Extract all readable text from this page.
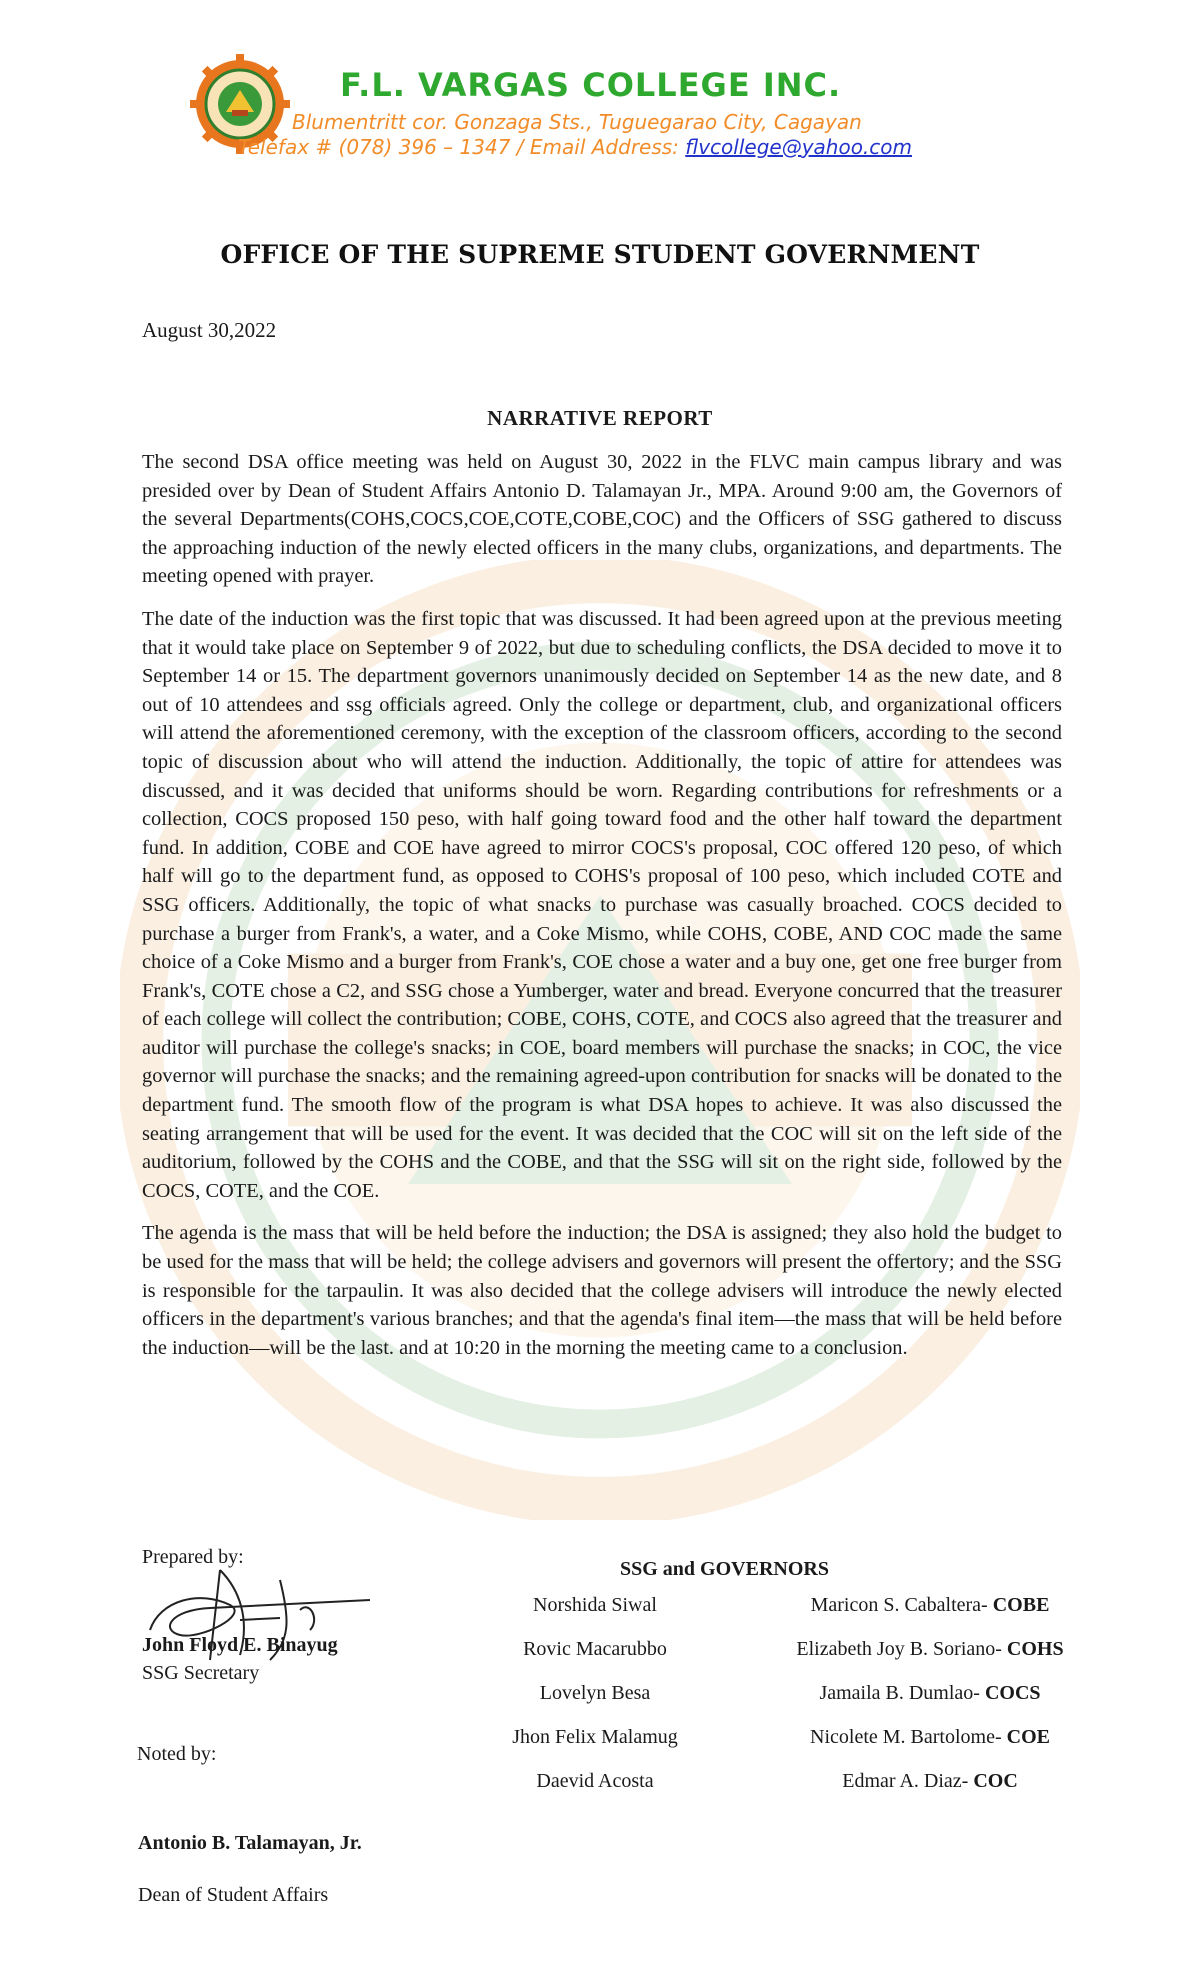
F.L. VARGAS COLLEGE INC.
Blumentritt cor. Gonzaga Sts., Tuguegarao City, Cagayan
Telefax # (078) 396 – 1347 / Email Address: flvcollege@yahoo.com
OFFICE OF THE SUPREME STUDENT GOVERNMENT
August 30,2022
NARRATIVE REPORT

The second DSA office meeting was held on August 30, 2022 in the FLVC main campus library and was presided over by Dean of Student Affairs Antonio D. Talamayan Jr., MPA. Around 9:00 am, the Governors of the several Departments(COHS,COCS,COE,COTE,COBE,COC) and the Officers of SSG gathered to discuss the approaching induction of the newly elected officers in the many clubs, organizations, and departments. The meeting opened with prayer.

The date of the induction was the first topic that was discussed. It had been agreed upon at the previous meeting that it would take place on September 9 of 2022, but due to scheduling conflicts, the DSA decided to move it to September 14 or 15. The department governors unanimously decided on September 14 as the new date, and 8 out of 10 attendees and ssg officials agreed. Only the college or department, club, and organizational officers will attend the aforementioned ceremony, with the exception of the classroom officers, according to the second topic of discussion about who will attend the induction. Additionally, the topic of attire for attendees was discussed, and it was decided that uniforms should be worn. Regarding contributions for refreshments or a collection, COCS proposed 150 peso, with half going toward food and the other half toward the department fund. In addition, COBE and COE have agreed to mirror COCS's proposal, COC offered 120 peso, of which half will go to the department fund, as opposed to COHS's proposal of 100 peso, which included COTE and SSG officers. Additionally, the topic of what snacks to purchase was casually broached. COCS decided to purchase a burger from Frank's, a water, and a Coke Mismo, while COHS, COBE, AND COC made the same choice of a Coke Mismo and a burger from Frank's, COE chose a water and a buy one, get one free burger from Frank's, COTE chose a C2, and SSG chose a Yumberger, water and bread. Everyone concurred that the treasurer of each college will collect the contribution; COBE, COHS, COTE, and COCS also agreed that the treasurer and auditor will purchase the college's snacks; in COE, board members will purchase the snacks; in COC, the vice governor will purchase the snacks; and the remaining agreed-upon contribution for snacks will be donated to the department fund. The smooth flow of the program is what DSA hopes to achieve. It was also discussed the seating arrangement that will be used for the event. It was decided that the COC will sit on the left side of the auditorium, followed by the COHS and the COBE, and that the SSG will sit on the right side, followed by the COCS, COTE, and the COE.

The agenda is the mass that will be held before the induction; the DSA is assigned; they also hold the budget to be used for the mass that will be held; the college advisers and governors will present the offertory; and the SSG is responsible for the tarpaulin. It was also decided that the college advisers will introduce the newly elected officers in the department's various branches; and that the agenda's final item—the mass that will be held before the induction—will be the last. and at 10:20 in the morning the meeting came to a conclusion.

Prepared by:
John Floyd E. Binayug
SSG Secretary
Noted by:
Antonio B. Talamayan, Jr.
Dean of Student Affairs
SSG and GOVERNORS
Norshida Siwal
Rovic Macarubbo
Lovelyn Besa
Jhon Felix Malamug
Daevid Acosta
Maricon S. Cabaltera- COBE
Elizabeth Joy B. Soriano- COHS
Jamaila B. Dumlao- COCS
Nicolete M. Bartolome- COE
Edmar A. Diaz- COC
